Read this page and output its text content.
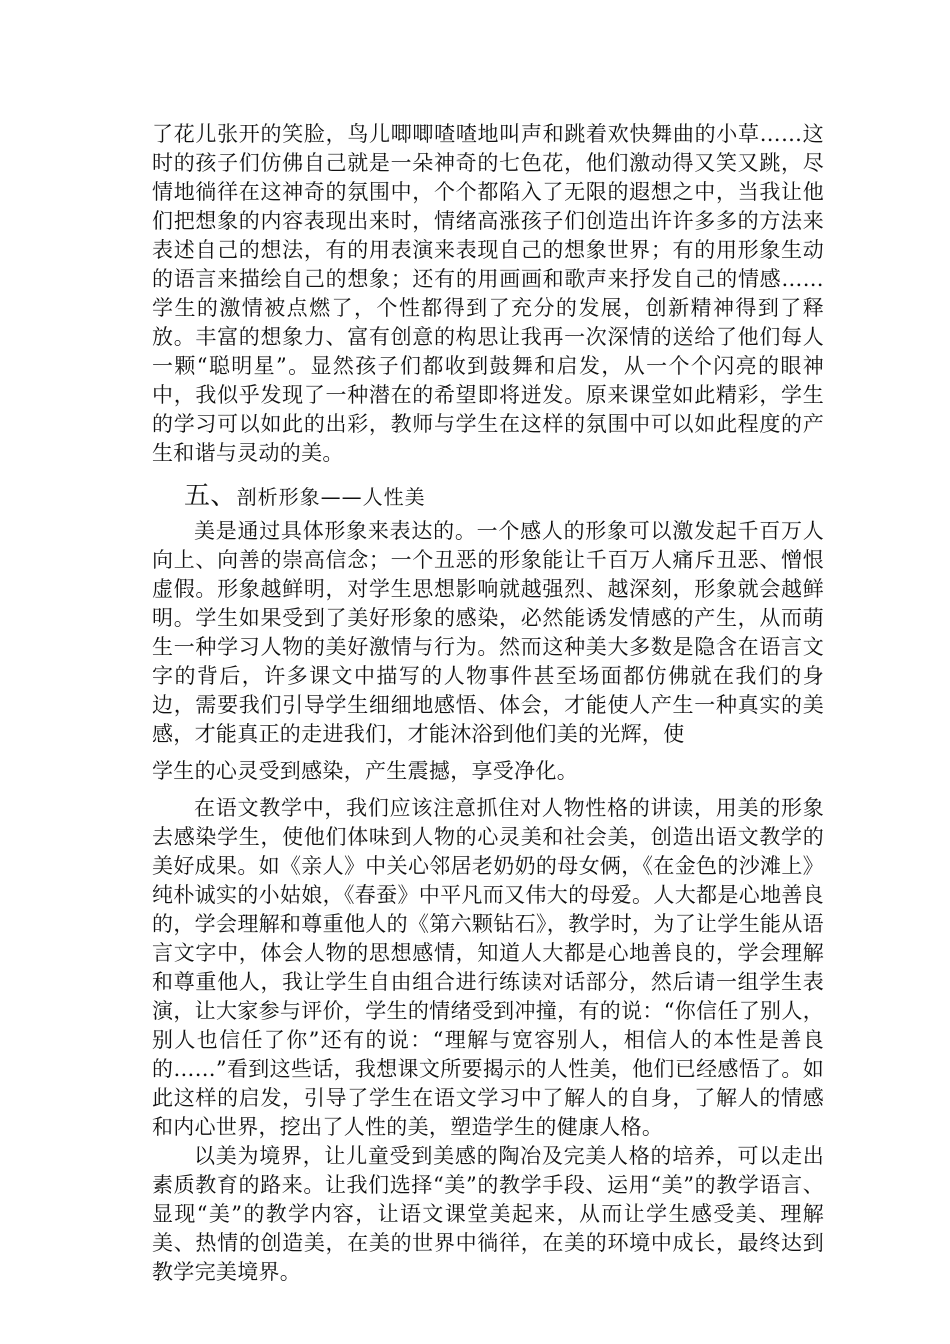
了花儿张开的笑脸，鸟儿唧唧喳喳地叫声和跳着欢快舞曲的小草……这时的孩子们仿佛自己就是一朵神奇的七色花，他们激动得又笑又跳，尽情地徜徉在这神奇的氛围中，个个都陷入了无限的遐想之中，当我让他们把想象的内容表现出来时，情绪高涨孩子们创造出许许多多的方法来表述自己的想法，有的用表演来表现自己的想象世界；有的用形象生动的语言来描绘自己的想象；还有的用画画和歌声来抒发自己的情感……学生的激情被点燃了，个性都得到了充分的发展，创新精神得到了释放。丰富的想象力、富有创意的构思让我再一次深情的送给了他们每人一颗“聪明星”。显然孩子们都收到鼓舞和启发，从一个个闪亮的眼神中，我似乎发现了一种潜在的希望即将迸发。原来课堂如此精彩，学生的学习可以如此的出彩，教师与学生在这样的氛围中可以如此程度的产生和谐与灵动的美。

五、剖析形象——人性美

美是通过具体形象来表达的。一个感人的形象可以激发起千百万人向上、向善的崇高信念；一个丑恶的形象能让千百万人痛斥丑恶、憎恨虚假。形象越鲜明，对学生思想影响就越强烈、越深刻，形象就会越鲜明。学生如果受到了美好形象的感染，必然能诱发情感的产生，从而萌生一种学习人物的美好激情与行为。然而这种美大多数是隐含在语言文字的背后，许多课文中描写的人物事件甚至场面都仿佛就在我们的身边，需要我们引导学生细细地感悟、体会，才能使人产生一种真实的美感，才能真正的走进我们，才能沐浴到他们美的光辉，使

学生的心灵受到感染，产生震撼，享受净化。

在语文教学中，我们应该注意抓住对人物性格的讲读，用美的形象去感染学生，使他们体味到人物的心灵美和社会美，创造出语文教学的美好成果。如《亲人》中关心邻居老奶奶的母女俩，《在金色的沙滩上》纯朴诚实的小姑娘，《春蚕》中平凡而又伟大的母爱。人大都是心地善良的，学会理解和尊重他人的《第六颗钻石》，教学时，为了让学生能从语言文字中，体会人物的思想感情，知道人大都是心地善良的，学会理解和尊重他人，我让学生自由组合进行练读对话部分，然后请一组学生表演，让大家参与评价，学生的情绪受到冲撞，有的说：“你信任了别人，别人也信任了你”还有的说：“理解与宽容别人，相信人的本性是善良的……”看到这些话，我想课文所要揭示的人性美，他们已经感悟了。如此这样的启发，引导了学生在语文学习中了解人的自身，了解人的情感和内心世界，挖出了人性的美，塑造学生的健康人格。

以美为境界，让儿童受到美感的陶冶及完美人格的培养，可以走出素质教育的路来。让我们选择“美”的教学手段、运用“美”的教学语言、显现“美”的教学内容，让语文课堂美起来，从而让学生感受美、理解美、热情的创造美，在美的世界中徜徉，在美的环境中成长，最终达到教学完美境界。
